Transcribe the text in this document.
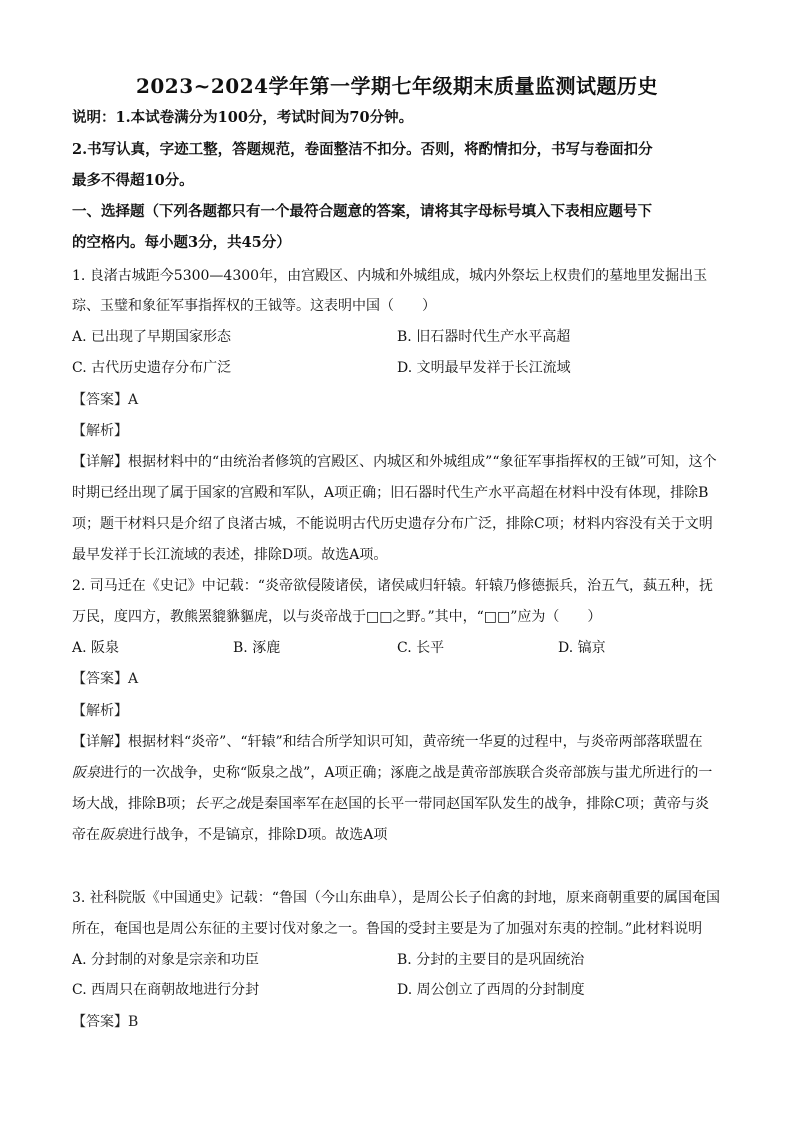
2023~2024学年第一学期七年级期末质量监测试题历史
说明：1.本试卷满分为100分，考试时间为70分钟。
2.书写认真，字迹工整，答题规范，卷面整洁不扣分。否则，将酌情扣分，书写与卷面扣分
最多不得超10分。
一、选择题（下列各题都只有一个最符合题意的答案，请将其字母标号填入下表相应题号下
的空格内。每小题3分，共45分）
1. 良渚古城距今5300—4300年，由宫殿区、内城和外城组成，城内外祭坛上权贵们的墓地里发掘出玉
琮、玉璧和象征军事指挥权的王钺等。这表明中国（　　）
A. 已出现了早期国家形态	B. 旧石器时代生产水平高超
C. 古代历史遗存分布广泛	D. 文明最早发祥于长江流域
【答案】A
【解析】
【详解】根据材料中的“由统治者修筑的宫殿区、内城区和外城组成”“象征军事指挥权的王钺”可知，这个
时期已经出现了属于国家的宫殿和军队，A项正确；旧石器时代生产水平高超在材料中没有体现，排除B
项；题干材料只是介绍了良渚古城，不能说明古代历史遗存分布广泛，排除C项；材料内容没有关于文明
最早发祥于长江流域的表述，排除D项。故选A项。
2. 司马迁在《史记》中记载：“炎帝欲侵陵诸侯，诸侯咸归轩辕。轩辕乃修德振兵，治五气，蓺五种，抚
万民，度四方，教熊罴貔貅貙虎，以与炎帝战于□□之野。”其中，“□□”应为（　　）
A. 阪泉	B. 涿鹿	C. 长平	D. 镐京
【答案】A
【解析】
【详解】根据材料“炎帝”、“轩辕”和结合所学知识可知，黄帝统一华夏的过程中，与炎帝两部落联盟在
阪泉进行的一次战争，史称“阪泉之战”，A项正确；涿鹿之战是黄帝部族联合炎帝部族与蚩尤所进行的一
场大战，排除B项；长平之战是秦国率军在赵国的长平一带同赵国军队发生的战争，排除C项；黄帝与炎
帝在阪泉进行战争，不是镐京，排除D项。故选A项
3. 社科院版《中国通史》记载：“鲁国（今山东曲阜），是周公长子伯禽的封地，原来商朝重要的属国奄国
所在，奄国也是周公东征的主要讨伐对象之一。鲁国的受封主要是为了加强对东夷的控制。”此材料说明
A. 分封制的对象是宗亲和功臣	B. 分封的主要目的是巩固统治
C. 西周只在商朝故地进行分封	D. 周公创立了西周的分封制度
【答案】B
